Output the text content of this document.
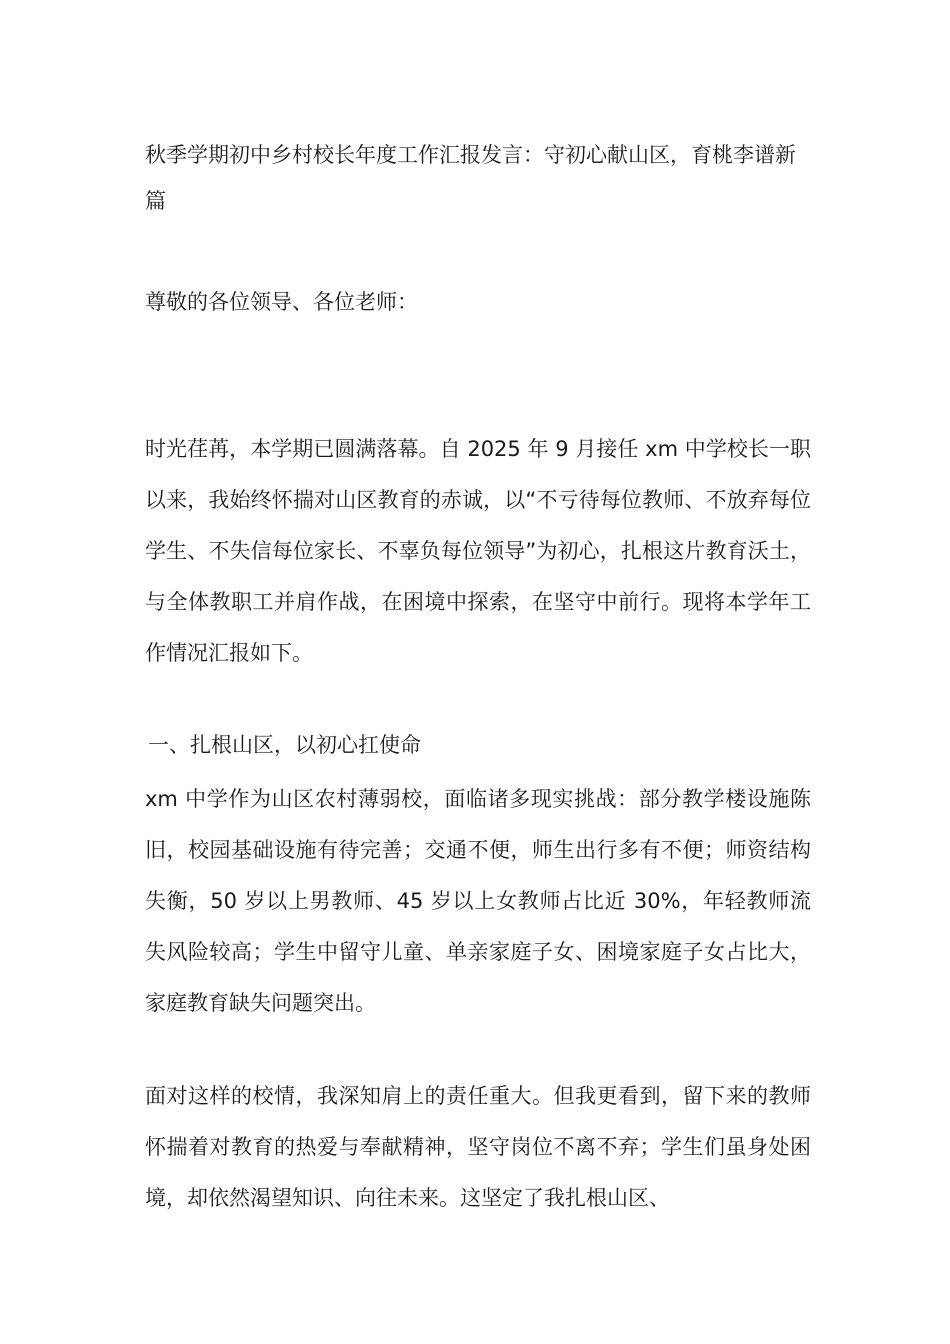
秋季学期初中乡村校长年度工作汇报发言：守初心献山区，育桃李谱新篇

尊敬的各位领导、各位老师：

时光荏苒，本学期已圆满落幕。自 2025 年 9 月接任 xm 中学校长一职以来，我始终怀揣对山区教育的赤诚，以“不亏待每位教师、不放弃每位学生、不失信每位家长、不辜负每位领导”为初心，扎根这片教育沃土，与全体教职工并肩作战，在困境中探索，在坚守中前行。现将本学年工作情况汇报如下。

一、扎根山区，以初心扛使命

xm 中学作为山区农村薄弱校，面临诸多现实挑战：部分教学楼设施陈旧，校园基础设施有待完善；交通不便，师生出行多有不便；师资结构失衡，50 岁以上男教师、45 岁以上女教师占比近 30%，年轻教师流失风险较高；学生中留守儿童、单亲家庭子女、困境家庭子女占比大，家庭教育缺失问题突出。

面对这样的校情，我深知肩上的责任重大。但我更看到，留下来的教师怀揣着对教育的热爱与奉献精神，坚守岗位不离不弃；学生们虽身处困境，却依然渴望知识、向往未来。这坚定了我扎根山区、
